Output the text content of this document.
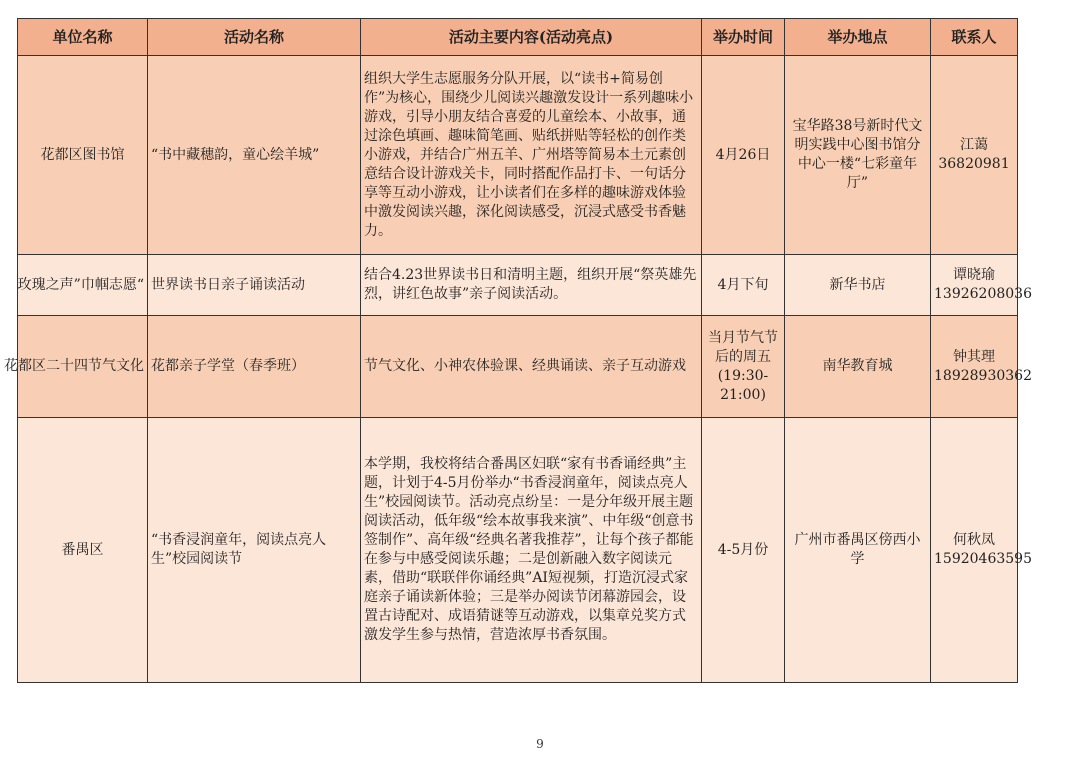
单位名称	活动名称	活动主要内容(活动亮点)	举办时间	举办地点	联系人
花都区图书馆	“书中藏穗韵，童心绘羊城”	组织大学生志愿服务分队开展，以“读书+简易创作”为核心，围绕少儿阅读兴趣激发设计一系列趣味小游戏，引导小朋友结合喜爱的儿童绘本、小故事，通过涂色填画、趣味简笔画、贴纸拼贴等轻松的创作类小游戏，并结合广州五羊、广州塔等简易本土元素创意结合设计游戏关卡，同时搭配作品打卡、一句话分享等互动小游戏，让小读者们在多样的趣味游戏体验中激发阅读兴趣，深化阅读感受，沉浸式感受书香魅力。	4月26日	宝华路38号新时代文明实践中心图书馆分中心一楼“七彩童年厅”	江蔼 36820981
“玫瑰之声”巾帼志愿	世界读书日亲子诵读活动	结合4.23世界读书日和清明主题，组织开展“祭英雄先烈，讲红色故事”亲子阅读活动。	4月下旬	新华书店	谭晓瑜 13926208036
花都区二十四节气文化	花都亲子学堂（春季班）	节气文化、小神农体验课、经典诵读、亲子互动游戏	当月节气节后的周五(19:30-21:00)	南华教育城	钟其理 18928930362
番禺区	“书香浸润童年，阅读点亮人生”校园阅读节	本学期，我校将结合番禺区妇联“家有书香诵经典”主题，计划于4-5月份举办“书香浸润童年，阅读点亮人生”校园阅读节。活动亮点纷呈：一是分年级开展主题阅读活动，低年级“绘本故事我来演”、中年级“创意书签制作”、高年级“经典名著我推荐”，让每个孩子都能在参与中感受阅读乐趣；二是创新融入数字阅读元素，借助“联联伴你诵经典”AI短视频，打造沉浸式家庭亲子诵读新体验；三是举办阅读节闭幕游园会，设置古诗配对、成语猜谜等互动游戏，以集章兑奖方式激发学生参与热情，营造浓厚书香氛围。	4-5月份	广州市番禺区傍西小学	何秋凤 15920463595
9
